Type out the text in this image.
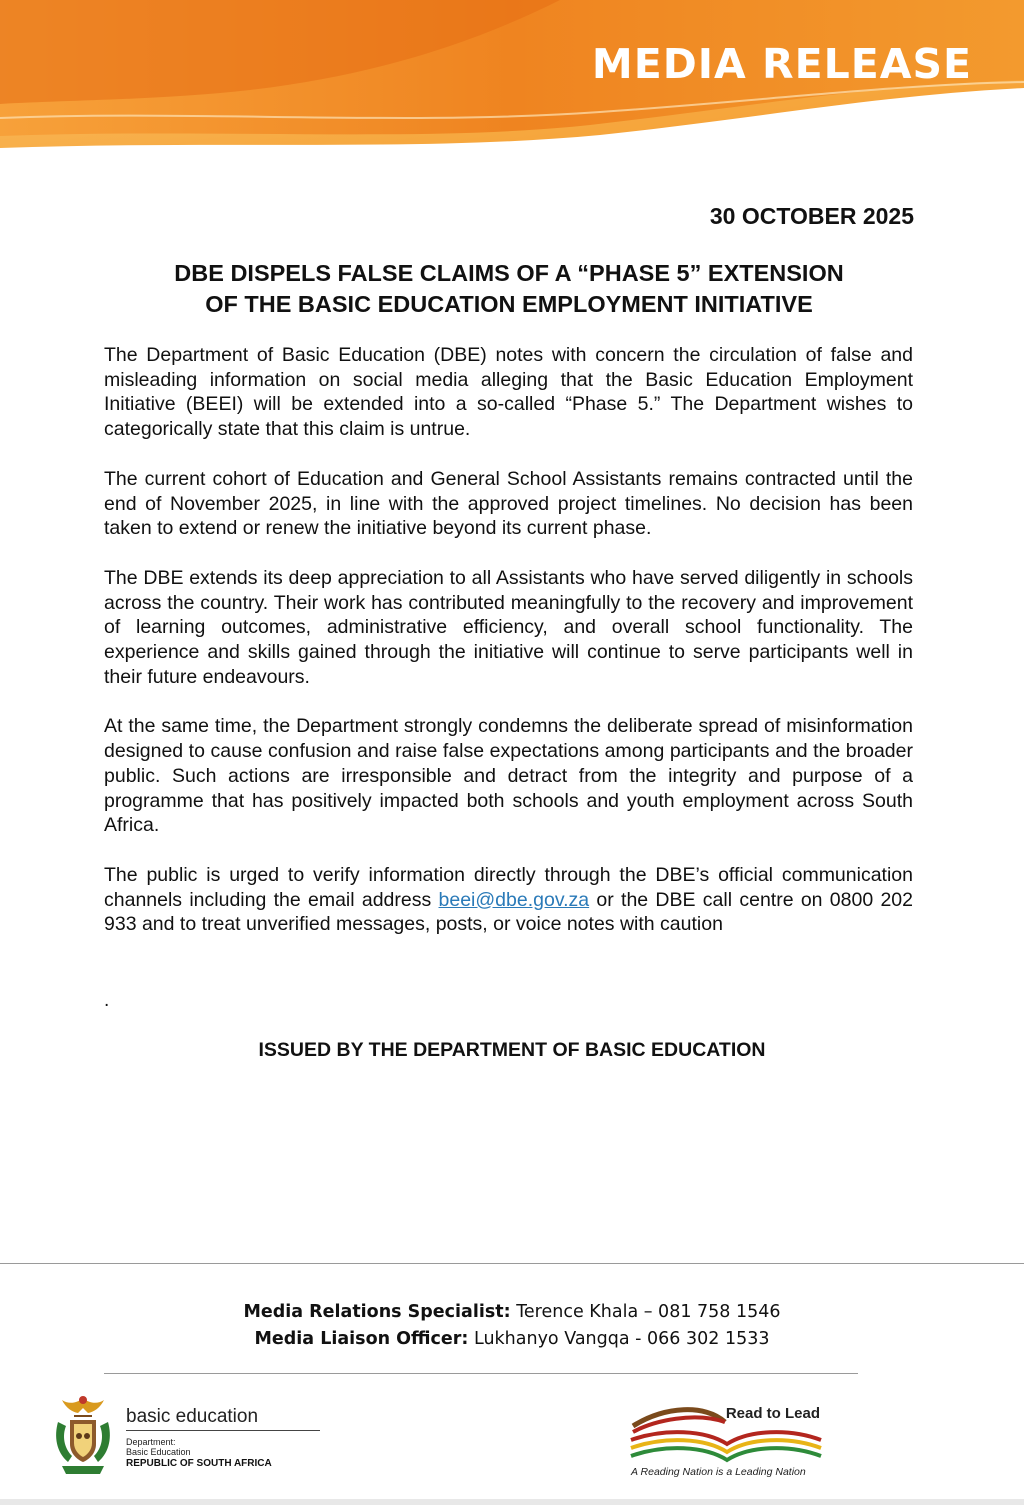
MEDIA RELEASE
30 OCTOBER 2025
DBE DISPELS FALSE CLAIMS OF A “PHASE 5” EXTENSION
OF THE BASIC EDUCATION EMPLOYMENT INITIATIVE

The Department of Basic Education (DBE) notes with concern the circulation of false and misleading information on social media alleging that the Basic Education Employment Initiative (BEEI) will be extended into a so-called “Phase 5.” The Department wishes to categorically state that this claim is untrue.

The current cohort of Education and General School Assistants remains contracted until the end of November 2025, in line with the approved project timelines. No decision has been taken to extend or renew the initiative beyond its current phase.

The DBE extends its deep appreciation to all Assistants who have served diligently in schools across the country. Their work has contributed meaningfully to the recovery and improvement of learning outcomes, administrative efficiency, and overall school functionality. The experience and skills gained through the initiative will continue to serve participants well in their future endeavours.

At the same time, the Department strongly condemns the deliberate spread of misinformation designed to cause confusion and raise false expectations among participants and the broader public. Such actions are irresponsible and detract from the integrity and purpose of a programme that has positively impacted both schools and youth employment across South Africa.

The public is urged to verify information directly through the DBE’s official communication channels including the email address beei@dbe.gov.za or the DBE call centre on 0800 202 933 and to treat unverified messages, posts, or voice notes with caution

.
ISSUED BY THE DEPARTMENT OF BASIC EDUCATION
Media Relations Specialist: Terence Khala – 081 758 1546
Media Liaison Officer: Lukhanyo Vangqa - 066 302 1533
basic education
Department:
Basic Education
REPUBLIC OF SOUTH AFRICA
Read to Lead
A Reading Nation is a Leading Nation
